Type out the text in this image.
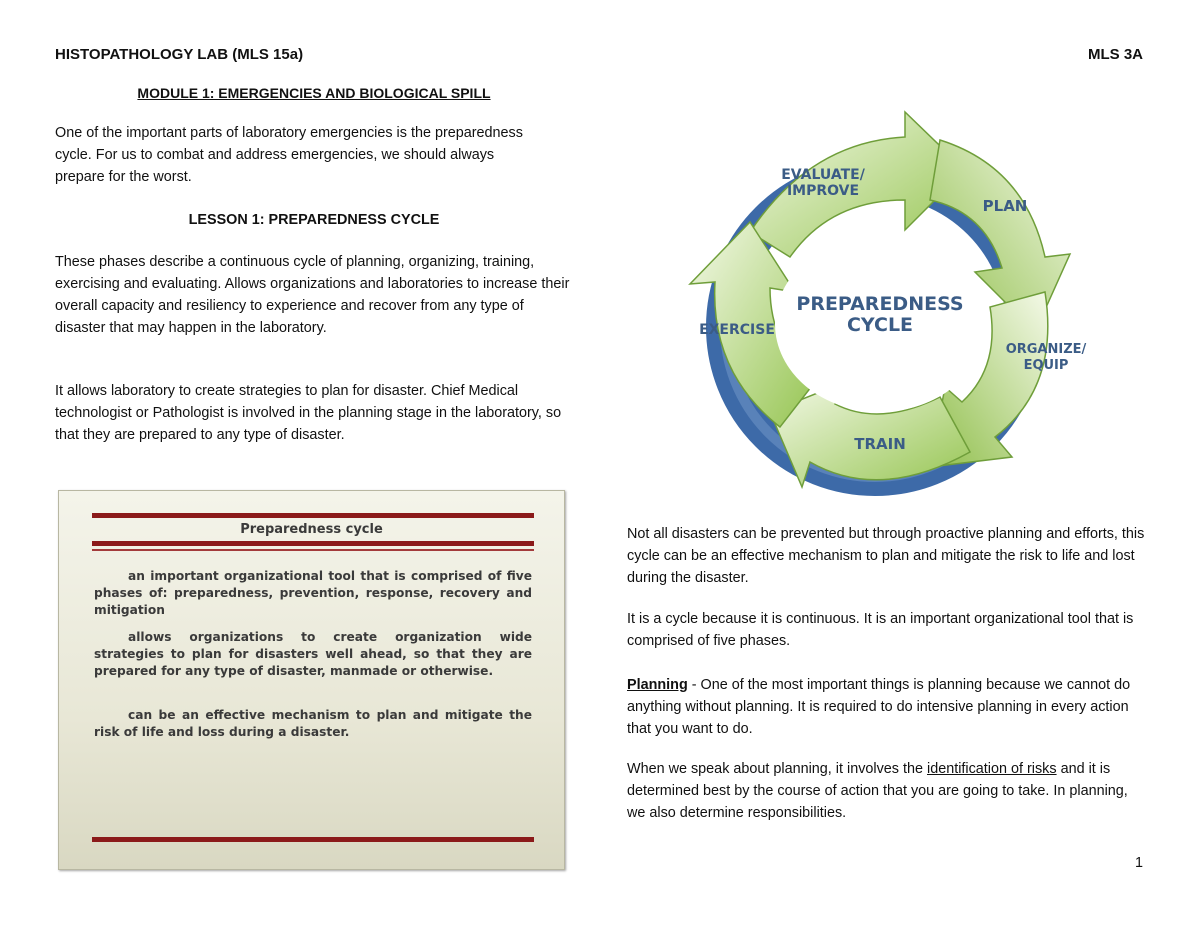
HISTOPATHOLOGY LAB (MLS 15a)	MLS 3A
MODULE 1: EMERGENCIES AND BIOLOGICAL SPILL
One of the important parts of laboratory emergencies is the preparedness cycle. For us to combat and address emergencies, we should always prepare for the worst.
LESSON 1: PREPAREDNESS CYCLE
These phases describe a continuous cycle of planning, organizing, training, exercising and evaluating. Allows organizations and laboratories to increase their overall capacity and resiliency to experience and recover from any type of disaster that may happen in the laboratory.
It allows laboratory to create strategies to plan for disaster. Chief Medical technologist or Pathologist is involved in the planning stage in the laboratory, so that they are prepared to any type of disaster.
Preparedness cycle
an important organizational tool that is comprised of five phases of: preparedness, prevention, response, recovery and mitigation
allows organizations to create organization wide strategies to plan for disasters well ahead, so that they are prepared for any type of disaster, manmade or otherwise.
can be an effective mechanism to plan and mitigate the risk of life and loss during a disaster.
PREPAREDNESS
CYCLE
EVALUATE/
IMPROVE
PLAN
ORGANIZE/
EQUIP
TRAIN
EXERCISE
Not all disasters can be prevented but through proactive planning and efforts, this cycle can be an effective mechanism to plan and mitigate the risk to life and lost during the disaster.
It is a cycle because it is continuous. It is an important organizational tool that is comprised of five phases.
Planning - One of the most important things is planning because we cannot do anything without planning. It is required to do intensive planning in every action that you want to do.
When we speak about planning, it involves the identification of risks and it is determined best by the course of action that you are going to take. In planning, we also determine responsibilities.
1
